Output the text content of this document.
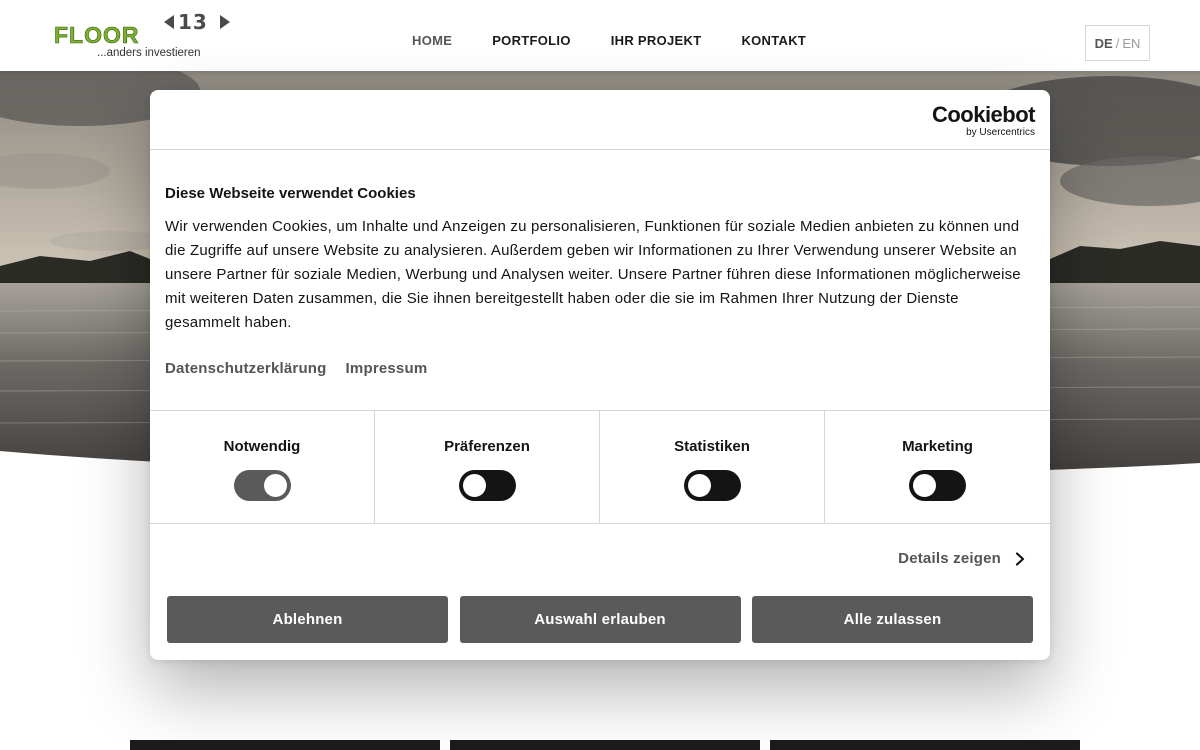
FLOOR 13
...anders investieren
HOME	PORTFOLIO	IHR PROJEKT	KONTAKT	DE / EN
Cookiebot
by Usercentrics
Diese Webseite verwendet Cookies

Wir verwenden Cookies, um Inhalte und Anzeigen zu personalisieren, Funktionen für soziale Medien anbieten zu können und die Zugriffe auf unsere Website zu analysieren. Außerdem geben wir Informationen zu Ihrer Verwendung unserer Website an unsere Partner für soziale Medien, Werbung und Analysen weiter. Unsere Partner führen diese Informationen möglicherweise mit weiteren Daten zusammen, die Sie ihnen bereitgestellt haben oder die sie im Rahmen Ihrer Nutzung der Dienste gesammelt haben.

Datenschutzerklärung Impressum
Notwendig	Präferenzen	Statistiken	Marketing
Details zeigen
Ablehnen	Auswahl erlauben	Alle zulassen
